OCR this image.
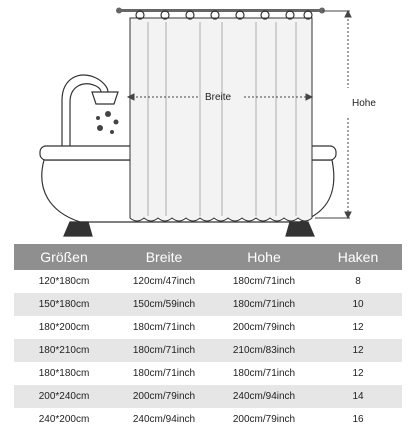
Breite
Hohe
Größen	Breite	Hohe	Haken
120*180cm	120cm/47inch	180cm/71inch	8
150*180cm	150cm/59inch	180cm/71inch	10
180*200cm	180cm/71inch	200cm/79inch	12
180*210cm	180cm/71inch	210cm/83inch	12
180*180cm	180cm/71inch	180cm/71inch	12
200*240cm	200cm/79inch	240cm/94inch	14
240*200cm	240cm/94inch	200cm/79inch	16
